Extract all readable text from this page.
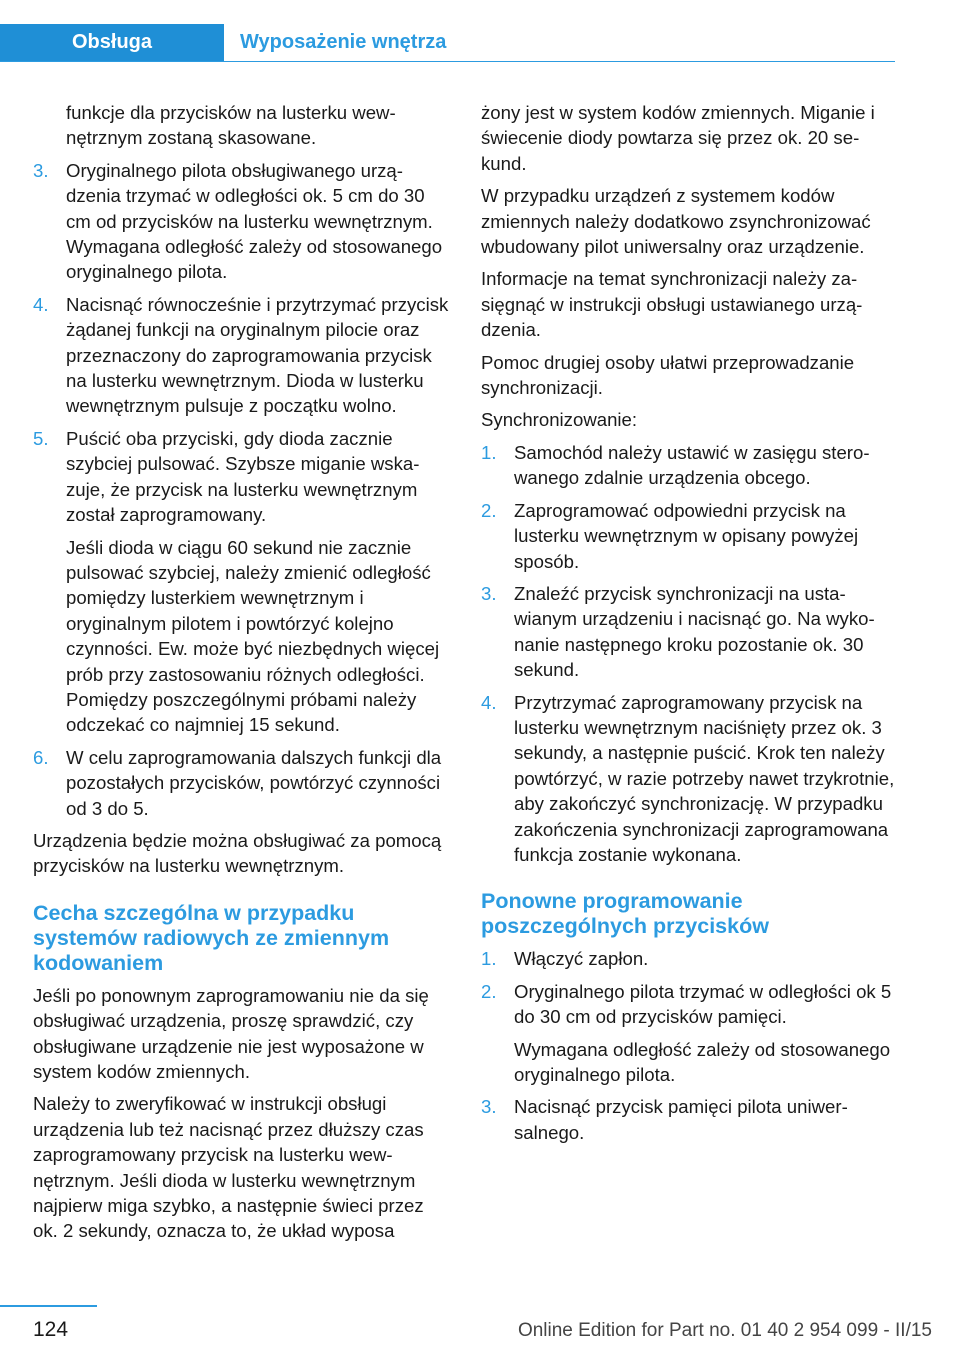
Obsługa	Wyposażenie wnętrza

funkcje dla przycisków na lusterku wewnętrznym zostaną skasowane.

3. Oryginalnego pilota obsługiwanego urządzenia trzymać w odległości ok. 5 cm do 30 cm od przycisków na lusterku wewnętrznym. Wymagana odległość zależy od stosowanego oryginalnego pilota.

4. Nacisnąć równocześnie i przytrzymać przycisk żądanej funkcji na oryginalnym pilocie oraz przeznaczony do zaprogramowania przycisk na lusterku wewnętrznym. Dioda w lusterku wewnętrznym pulsuje z początku wolno.

5. Puścić oba przyciski, gdy dioda zacznie szybciej pulsować. Szybsze miganie wskazuje, że przycisk na lusterku wewnętrznym został zaprogramowany.

Jeśli dioda w ciągu 60 sekund nie zacznie pulsować szybciej, należy zmienić odległość pomiędzy lusterkiem wewnętrznym i oryginalnym pilotem i powtórzyć kolejno czynności. Ew. może być niezbędnych więcej prób przy zastosowaniu różnych odległości. Pomiędzy poszczególnymi próbami należy odczekać co najmniej 15 sekund.

6. W celu zaprogramowania dalszych funkcji dla pozostałych przycisków, powtórzyć czynności od 3 do 5.

Urządzenia będzie można obsługiwać za pomocą przycisków na lusterku wewnętrznym.

Cecha szczególna w przypadku systemów radiowych ze zmiennym kodowaniem

Jeśli po ponownym zaprogramowaniu nie da się obsługiwać urządzenia, proszę sprawdzić, czy obsługiwane urządzenie nie jest wyposażone w system kodów zmiennych.

Należy to zweryfikować w instrukcji obsługi urządzenia lub też nacisnąć przez dłuższy czas zaprogramowany przycisk na lusterku wewnętrznym. Jeśli dioda w lusterku wewnętrznym najpierw miga szybko, a następnie świeci przez ok. 2 sekundy, oznacza to, że układ wyposa

żony jest w system kodów zmiennych. Miganie i świecenie diody powtarza się przez ok. 20 sekund.

W przypadku urządzeń z systemem kodów zmiennych należy dodatkowo zsynchronizować wbudowany pilot uniwersalny oraz urządzenie.

Informacje na temat synchronizacji należy zasięgnąć w instrukcji obsługi ustawianego urządzenia.

Pomoc drugiej osoby ułatwi przeprowadzanie synchronizacji.

Synchronizowanie:

1. Samochód należy ustawić w zasięgu sterowanego zdalnie urządzenia obcego.

2. Zaprogramować odpowiedni przycisk na lusterku wewnętrznym w opisany powyżej sposób.

3. Znaleźć przycisk synchronizacji na ustawianym urządzeniu i nacisnąć go. Na wykonanie następnego kroku pozostanie ok. 30 sekund.

4. Przytrzymać zaprogramowany przycisk na lusterku wewnętrznym naciśnięty przez ok. 3 sekundy, a następnie puścić. Krok ten należy powtórzyć, w razie potrzeby nawet trzykrotnie, aby zakończyć synchronizację. W przypadku zakończenia synchronizacji zaprogramowana funkcja zostanie wykonana.

Ponowne programowanie poszczególnych przycisków
1. Włączyć zapłon.

2. Oryginalnego pilota trzymać w odległości ok 5 do 30 cm od przycisków pamięci.

Wymagana odległość zależy od stosowanego oryginalnego pilota.

3. Nacisnąć przycisk pamięci pilota uniwersalnego.

124	Online Edition for Part no. 01 40 2 954 099 - II/15
